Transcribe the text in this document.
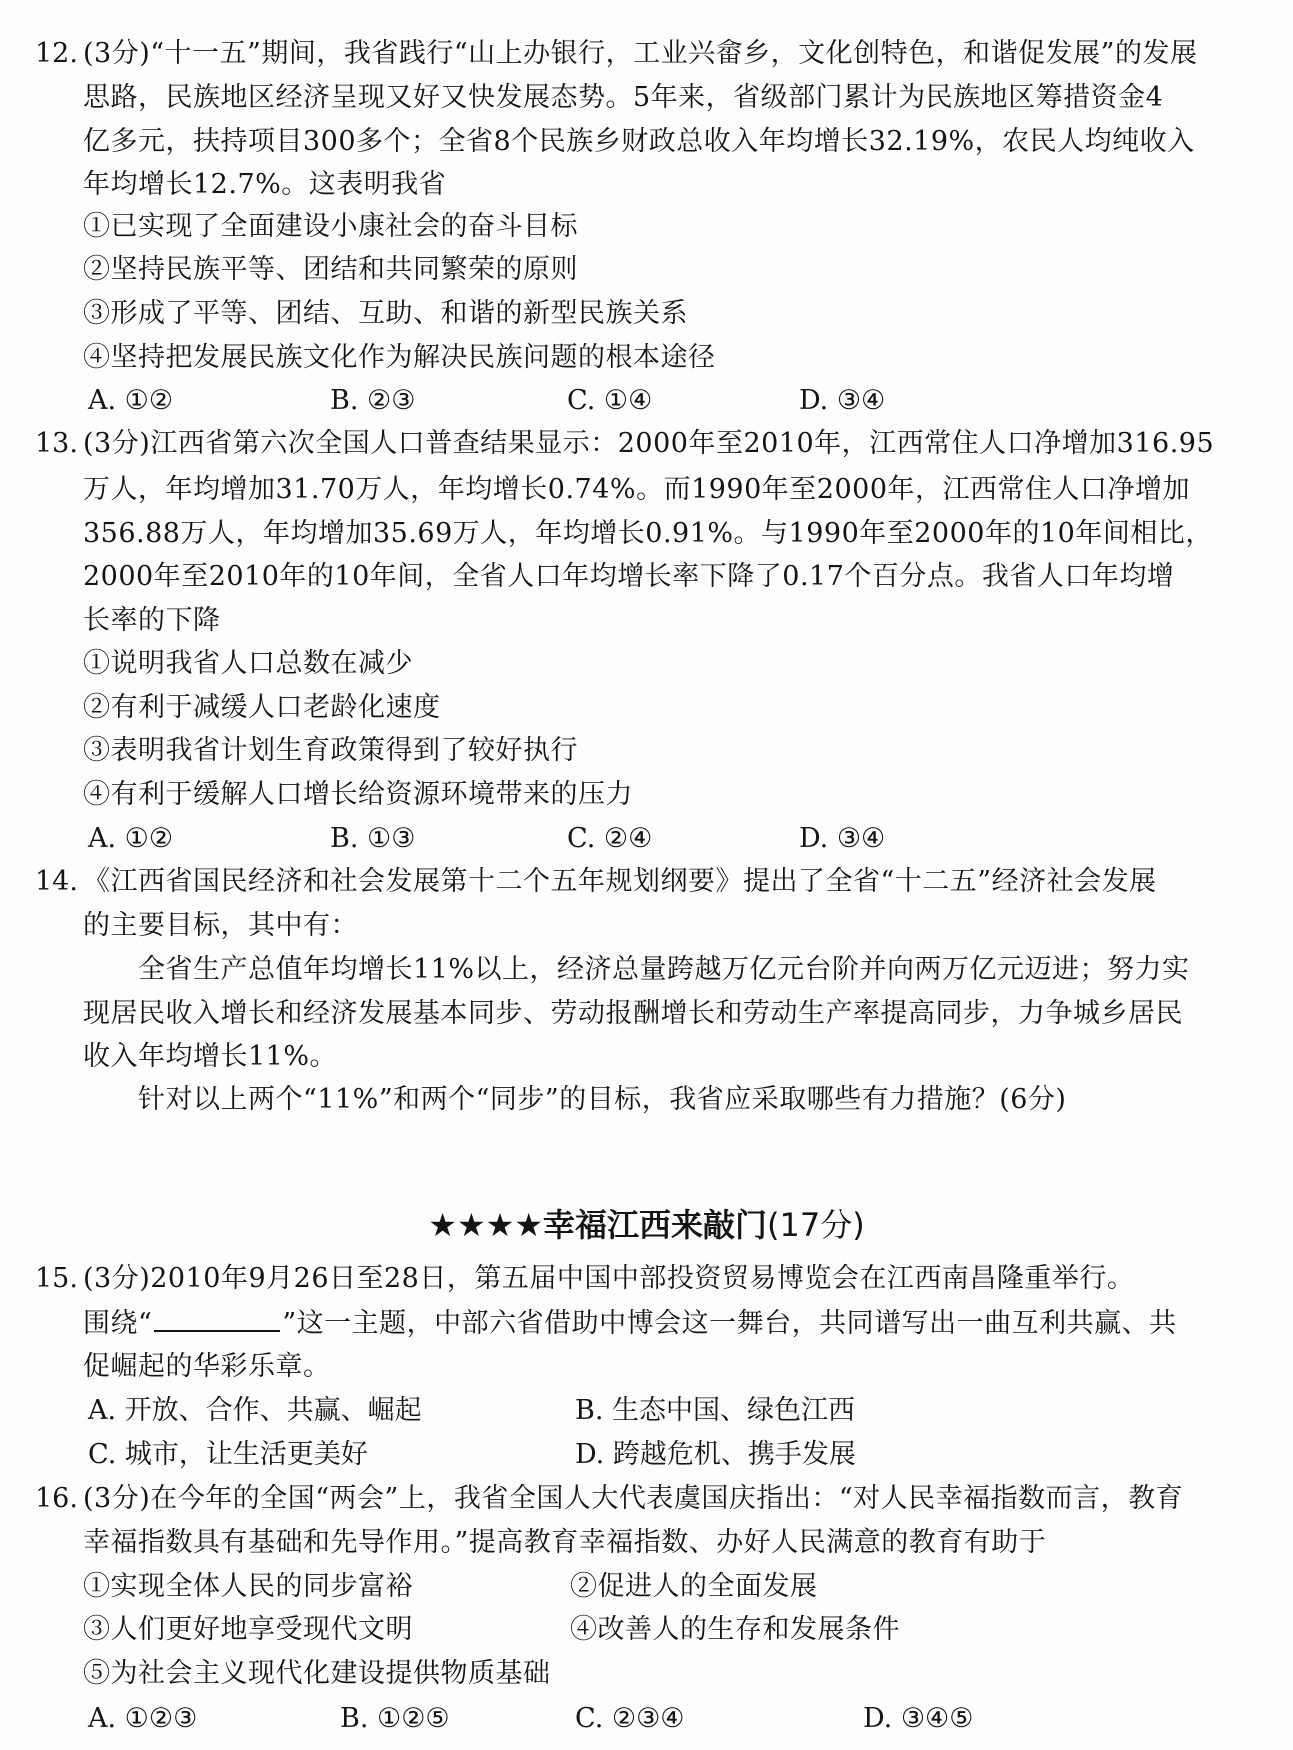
12. (3分)“十一五”期间，我省践行“山上办银行，工业兴畲乡，文化创特色，和谐促发展”的发展
思路，民族地区经济呈现又好又快发展态势。5年来，省级部门累计为民族地区筹措资金4
亿多元，扶持项目300多个；全省8个民族乡财政总收入年均增长32.19%，农民人均纯收入
年均增长12.7%。这表明我省
①已实现了全面建设小康社会的奋斗目标
②坚持民族平等、团结和共同繁荣的原则
③形成了平等、团结、互助、和谐的新型民族关系
④坚持把发展民族文化作为解决民族问题的根本途径
A. ①②	B. ②③	C. ①④	D. ③④
13. (3分)江西省第六次全国人口普查结果显示：2000年至2010年，江西常住人口净增加316.95
万人，年均增加31.70万人，年均增长0.74%。而1990年至2000年，江西常住人口净增加
356.88万人，年均增加35.69万人，年均增长0.91%。与1990年至2000年的10年间相比，
2000年至2010年的10年间，全省人口年均增长率下降了0.17个百分点。我省人口年均增
长率的下降
①说明我省人口总数在减少
②有利于减缓人口老龄化速度
③表明我省计划生育政策得到了较好执行
④有利于缓解人口增长给资源环境带来的压力
A. ①②	B. ①③	C. ②④	D. ③④
14. 《江西省国民经济和社会发展第十二个五年规划纲要》提出了全省“十二五”经济社会发展
的主要目标，其中有：
全省生产总值年均增长11%以上，经济总量跨越万亿元台阶并向两万亿元迈进；努力实
现居民收入增长和经济发展基本同步、劳动报酬增长和劳动生产率提高同步，力争城乡居民
收入年均增长11%。
针对以上两个“11%”和两个“同步”的目标，我省应采取哪些有力措施？(6分)
★★★★幸福江西来敲门(17分)
15. (3分)2010年9月26日至28日，第五届中国中部投资贸易博览会在江西南昌隆重举行。
围绕“	”这一主题，中部六省借助中博会这一舞台，共同谱写出一曲互利共赢、共
促崛起的华彩乐章。
A. 开放、合作、共赢、崛起	B. 生态中国、绿色江西
C. 城市，让生活更美好	D. 跨越危机、携手发展
16. (3分)在今年的全国“两会”上，我省全国人大代表虞国庆指出：“对人民幸福指数而言，教育
幸福指数具有基础和先导作用。”提高教育幸福指数、办好人民满意的教育有助于
①实现全体人民的同步富裕	②促进人的全面发展
③人们更好地享受现代文明	④改善人的生存和发展条件
⑤为社会主义现代化建设提供物质基础
A. ①②③	B. ①②⑤	C. ②③④	D. ③④⑤
